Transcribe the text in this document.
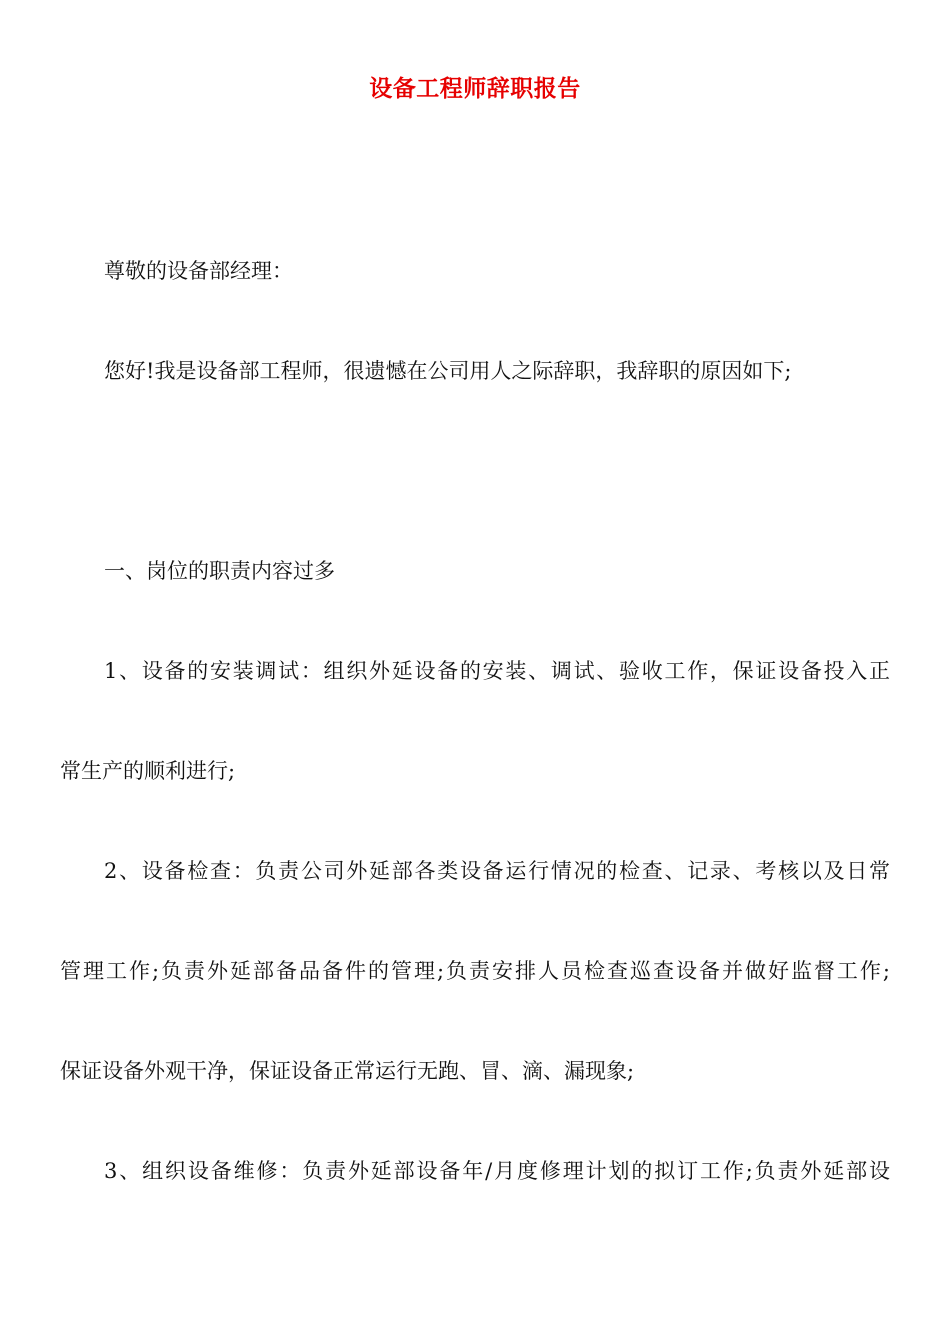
设备工程师辞职报告
尊敬的设备部经理：
您好!我是设备部工程师，很遗憾在公司用人之际辞职，我辞职的原因如下;
一、岗位的职责内容过多
1、设备的安装调试：组织外延设备的安装、调试、验收工作，保证设备投入正
常生产的顺利进行;
2、设备检查：负责公司外延部各类设备运行情况的检查、记录、考核以及日常
管理工作;负责外延部备品备件的管理;负责安排人员检查巡查设备并做好监督工作;
保证设备外观干净，保证设备正常运行无跑、冒、滴、漏现象;
3、组织设备维修：负责外延部设备年/月度修理计划的拟订工作;负责外延部设
